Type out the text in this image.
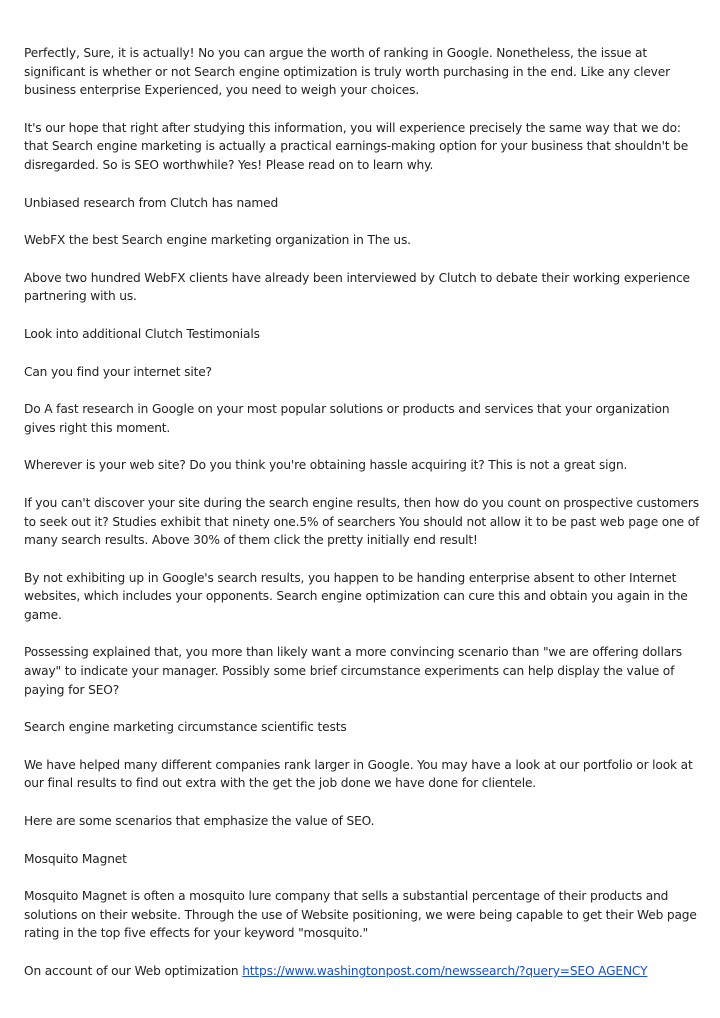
Perfectly, Sure, it is actually! No you can argue the worth of ranking in Google. Nonetheless, the issue at significant is whether or not Search engine optimization is truly worth purchasing in the end. Like any clever business enterprise Experienced, you need to weigh your choices.

It's our hope that right after studying this information, you will experience precisely the same way that we do: that Search engine marketing is actually a practical earnings-making option for your business that shouldn't be disregarded. So is SEO worthwhile? Yes! Please read on to learn why.

Unbiased research from Clutch has named

WebFX the best Search engine marketing organization in The us.

Above two hundred WebFX clients have already been interviewed by Clutch to debate their working experience partnering with us.

Look into additional Clutch Testimonials

Can you find your internet site?

Do A fast research in Google on your most popular solutions or products and services that your organization gives right this moment.

Wherever is your web site? Do you think you're obtaining hassle acquiring it? This is not a great sign.

If you can't discover your site during the search engine results, then how do you count on prospective customers to seek out it? Studies exhibit that ninety one.5% of searchers You should not allow it to be past web page one of many search results. Above 30% of them click the pretty initially end result!

By not exhibiting up in Google's search results, you happen to be handing enterprise absent to other Internet websites, which includes your opponents. Search engine optimization can cure this and obtain you again in the game.

Possessing explained that, you more than likely want a more convincing scenario than "we are offering dollars away" to indicate your manager. Possibly some brief circumstance experiments can help display the value of paying for SEO?

Search engine marketing circumstance scientific tests

We have helped many different companies rank larger in Google. You may have a look at our portfolio or look at our final results to find out extra with the get the job done we have done for clientele.

Here are some scenarios that emphasize the value of SEO.

Mosquito Magnet

Mosquito Magnet is often a mosquito lure company that sells a substantial percentage of their products and solutions on their website. Through the use of Website positioning, we were being capable to get their Web page rating in the top five effects for your keyword "mosquito."

On account of our Web optimization https://www.washingtonpost.com/newssearch/?query=SEO AGENCY
